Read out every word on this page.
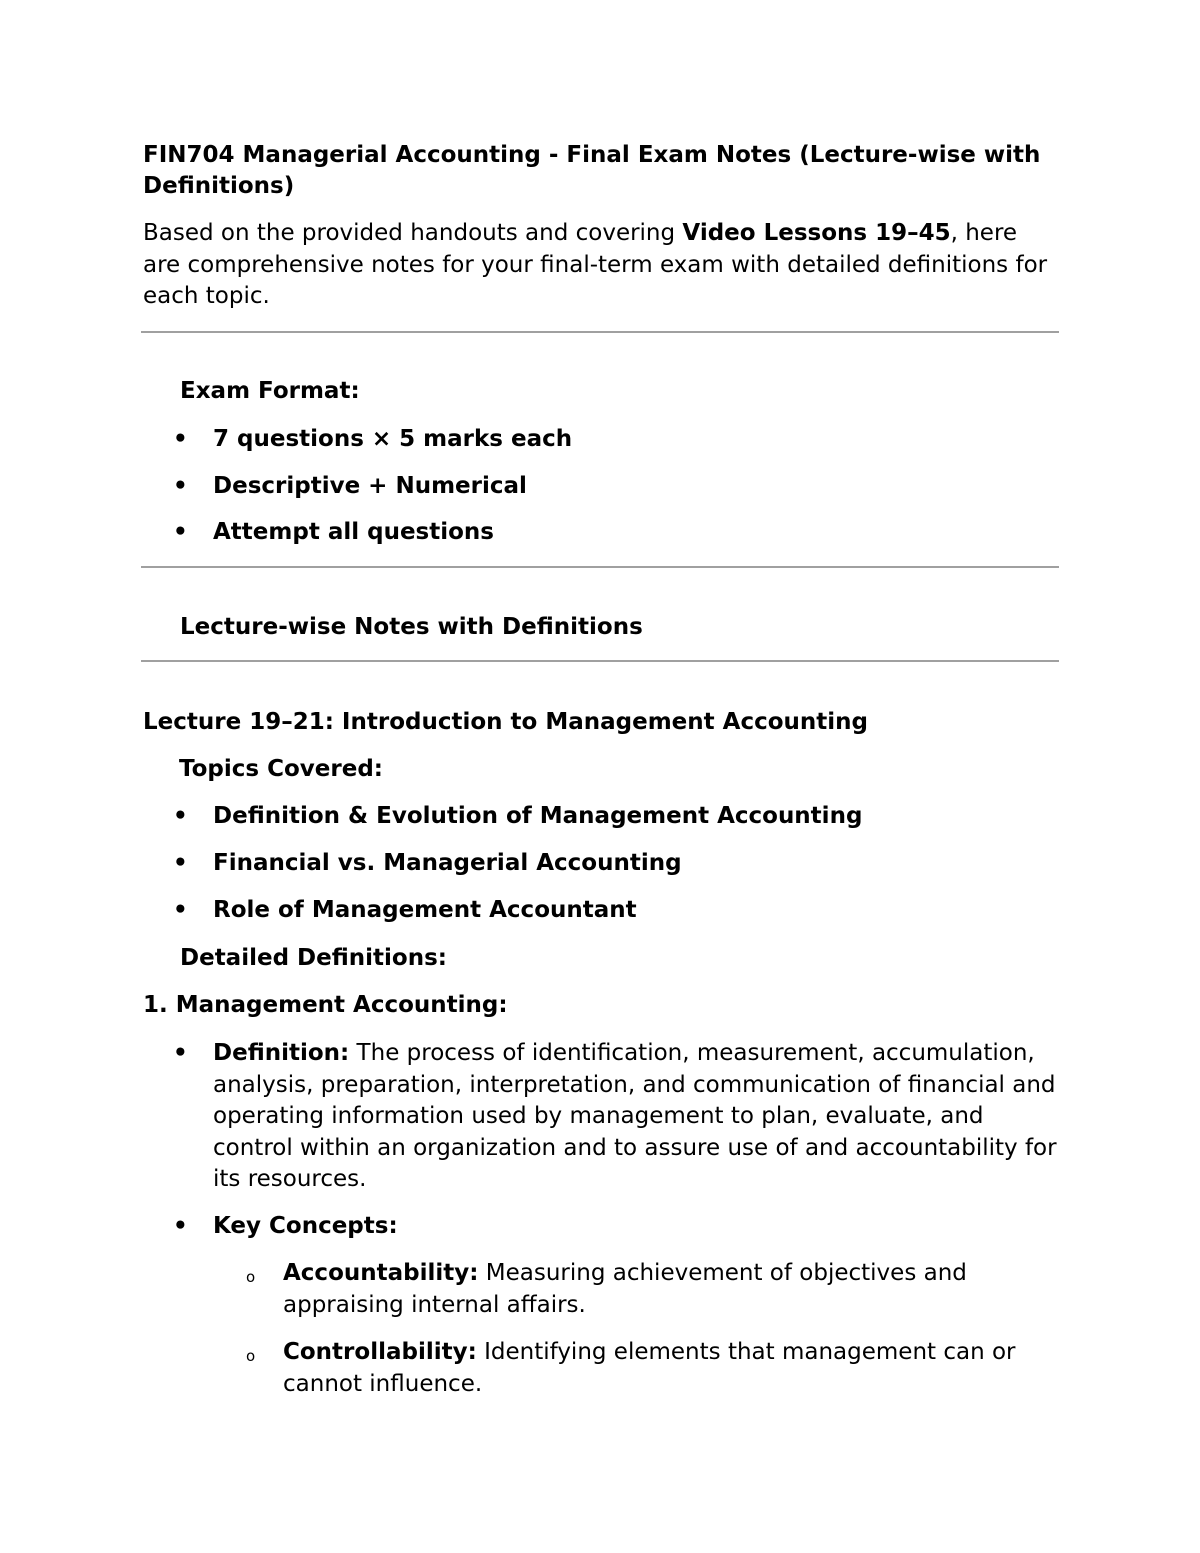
FIN704 Managerial Accounting - Final Exam Notes (Lecture-wise with Definitions)

Based on the provided handouts and covering Video Lessons 19–45, here are comprehensive notes for your final-term exam with detailed definitions for each topic.

Exam Format:
• 7 questions × 5 marks each
• Descriptive + Numerical
• Attempt all questions
Lecture-wise Notes with Definitions
Lecture 19–21: Introduction to Management Accounting
Topics Covered:
• Definition & Evolution of Management Accounting
• Financial vs. Managerial Accounting
• Role of Management Accountant
Detailed Definitions:
1. Management Accounting:
• Definition: The process of identification, measurement, accumulation, analysis, preparation, interpretation, and communication of financial and operating information used by management to plan, evaluate, and control within an organization and to assure use of and accountability for its resources.

• Key Concepts:
o Accountability: Measuring achievement of objectives and appraising internal affairs.

o Controllability: Identifying elements that management can or cannot influence.
